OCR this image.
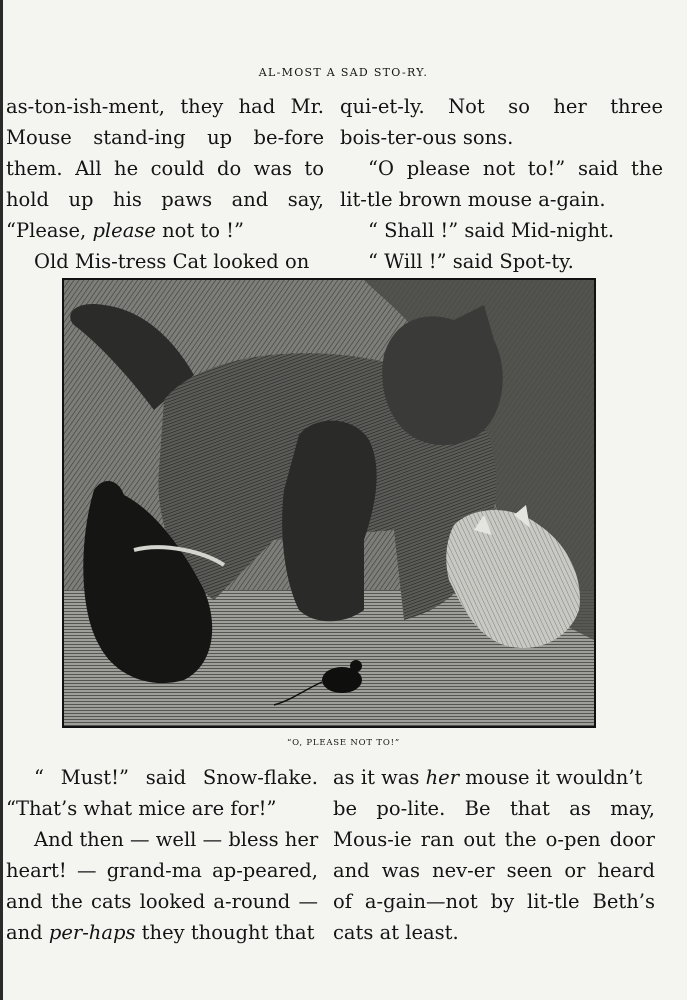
AL-MOST A SAD STO-RY.

as-ton-ish-ment, they had Mr.

Mouse stand-ing up be-fore

them. All he could do was to

hold up his paws and say,

“Please, please not to !”

Old Mis-tress Cat looked on

qui-et-ly. Not so her three

bois-ter-ous sons.

“O please not to!” said the

lit-tle brown mouse a-gain.

“ Shall !” said Mid-night.

“ Will !” said Spot-ty.

“O, PLEASE NOT TO!”

“ Must!” said Snow-flake.

“That’s what mice are for!”

And then — well — bless her

heart! — grand-ma ap-peared,

and the cats looked a-round —

and per-haps they thought that

as it was her mouse it wouldn’t

be po-lite. Be that as may,

Mous-ie ran out the o-pen door

and was nev-er seen or heard

of a-gain—not by lit-tle Beth’s

cats at least.
